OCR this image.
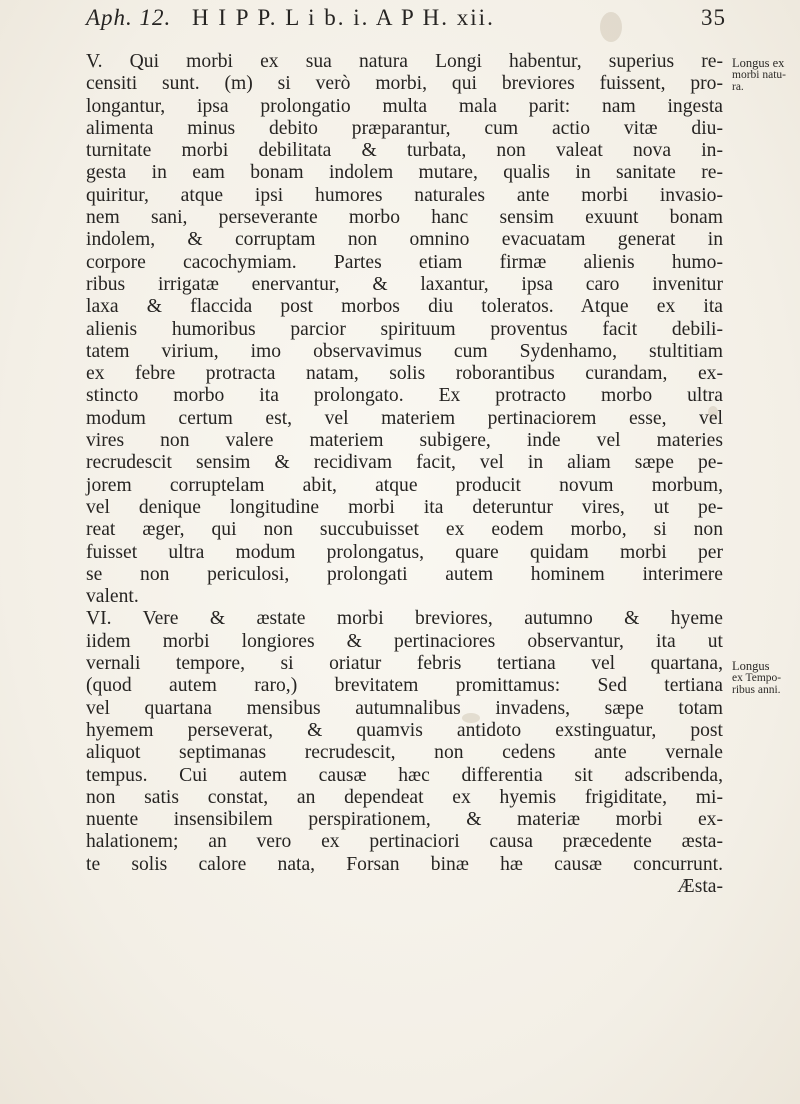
Aph. 12. H I P P. L i b. i. A P H. xii.	35
V. Qui morbi ex sua natura Longi habentur, superius re-
censiti sunt. (m) si verò morbi, qui breviores fuissent, pro-
longantur, ipsa prolongatio multa mala parit: nam ingesta
alimenta minus debito præparantur, cum actio vitæ diu-
turnitate morbi debilitata & turbata, non valeat nova in-
gesta in eam bonam indolem mutare, qualis in sanitate re-
quiritur, atque ipsi humores naturales ante morbi invasio-
nem sani, perseverante morbo hanc sensim exuunt bonam
indolem, & corruptam non omnino evacuatam generat in
corpore cacochymiam. Partes etiam firmæ alienis humo-
ribus irrigatæ enervantur, & laxantur, ipsa caro invenitur
laxa & flaccida post morbos diu toleratos. Atque ex ita
alienis humoribus parcior spirituum proventus facit debili-
tatem virium, imo observavimus cum Sydenhamo, stultitiam
ex febre protracta natam, solis roborantibus curandam, ex-
stincto morbo ita prolongato. Ex protracto morbo ultra
modum certum est, vel materiem pertinaciorem esse, vel
vires non valere materiem subigere, inde vel materies
recrudescit sensim & recidivam facit, vel in aliam sæpe pe-
jorem corruptelam abit, atque producit novum morbum,
vel denique longitudine morbi ita deteruntur vires, ut pe-
reat æger, qui non succubuisset ex eodem morbo, si non
fuisset ultra modum prolongatus, quare quidam morbi per
se non periculosi, prolongati autem hominem interimere
valent.
VI. Vere & æstate morbi breviores, autumno & hyeme
iidem morbi longiores & pertinaciores observantur, ita ut
vernali tempore, si oriatur febris tertiana vel quartana,
(quod autem raro,) brevitatem promittamus: Sed tertiana
vel quartana mensibus autumnalibus invadens, sæpe totam
hyemem perseverat, & quamvis antidoto exstinguatur, post
aliquot septimanas recrudescit, non cedens ante vernale
tempus. Cui autem causæ hæc differentia sit adscribenda,
non satis constat, an dependeat ex hyemis frigiditate, mi-
nuente insensibilem perspirationem, & materiæ morbi ex-
halationem; an vero ex pertinaciori causa præcedente æsta-
te solis calore nata, Forsan binæ hæ causæ concurrunt.
Æsta-
Longus ex
morbi natu-
ra.
Longus
ex Tempo-
ribus anni.
